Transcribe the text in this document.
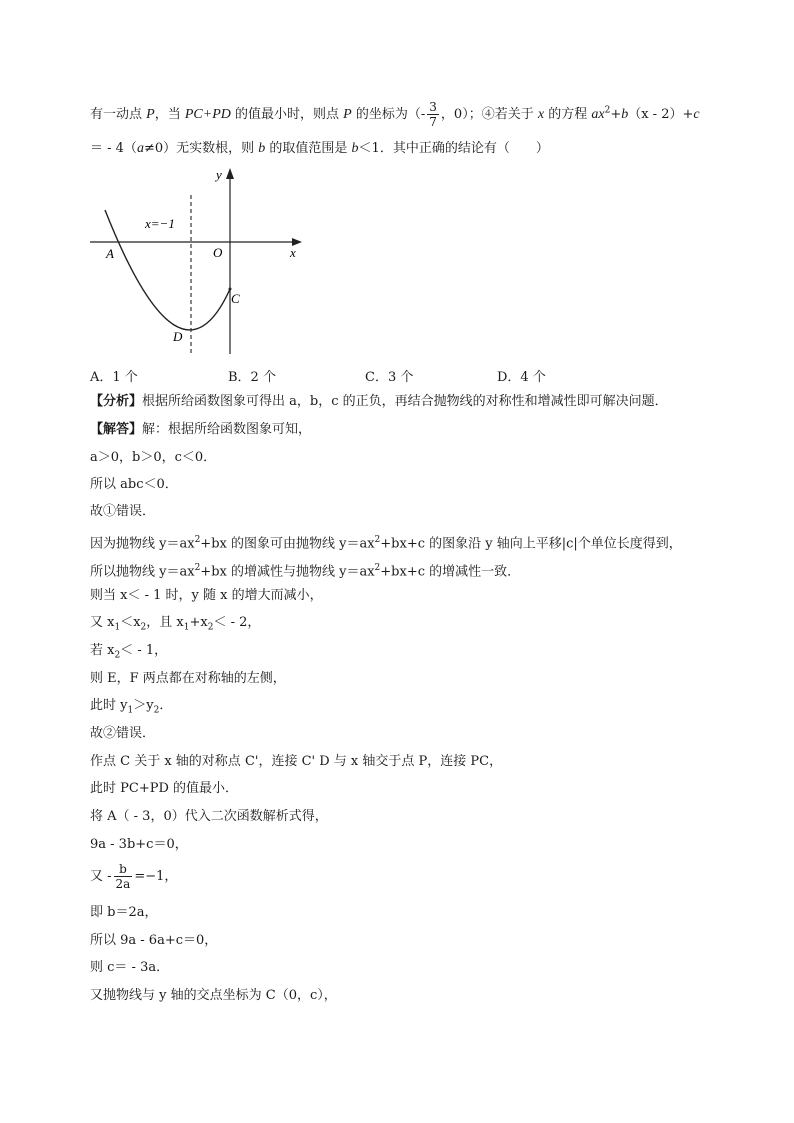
有一动点 P，当 PC+PD 的值最小时，则点 P 的坐标为（- $\frac{3}{7}$ ，0）；④若关于 x 的方程 $ax^2+b(x - 2)+c$
＝ - 4（a≠0）无实数根，则 b 的取值范围是 b＜1．其中正确的结论有（　　）
y
x
O
x=−1
A
C
D
A．1 个	B．2 个	C．3 个	D．4 个
【分析】根据所给函数图象可得出 a，b，c 的正负，再结合抛物线的对称性和增减性即可解决问题．
【解答】解：根据所给函数图象可知，
a＞0，b＞0，c＜0．
所以 abc＜0．
故①错误．
因为抛物线 $y=ax^2+bx$ 的图象可由抛物线 $y=ax^2+bx+c$ 的图象沿 y 轴向上平移|c|个单位长度得到，
所以抛物线 $y=ax^2+bx$ 的增减性与抛物线 $y=ax^2+bx+c$ 的增减性一致．
则当 x＜ - 1 时，y 随 x 的增大而减小，
又 $x_1<x_2$，且 $x_1+x_2< - 2$，
若 $x_2< - 1$，
则 E，F 两点都在对称轴的左侧，
此时 $y_1>y_2$．
故②错误．
作点 C 关于 x 轴的对称点 C'，连接 C' D 与 x 轴交于点 P，连接 PC，
此时 PC+PD 的值最小．
将 A（ - 3，0）代入二次函数解析式得，
9a - 3b+c＝0，
又 - $\frac{b}{2a} =-1$，
即 b＝2a，
所以 9a - 6a+c＝0，
则 c＝ - 3a．
又抛物线与 y 轴的交点坐标为 C（0，c），
